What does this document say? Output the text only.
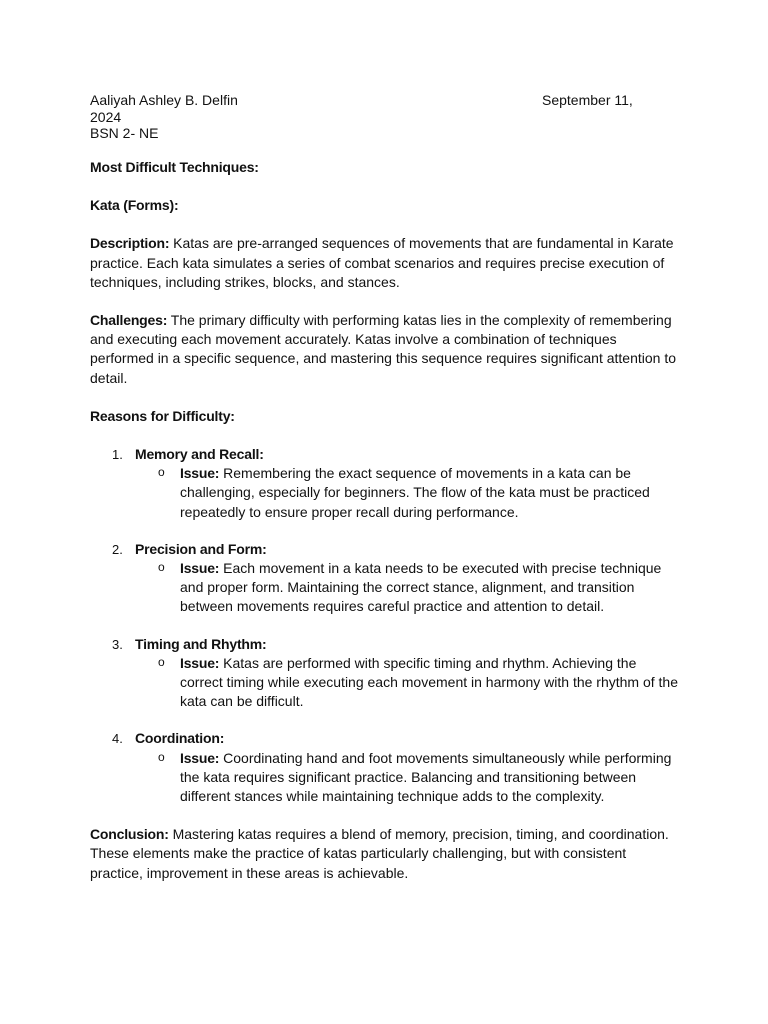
Aaliyah Ashley B. Delfin	September 11,
2024
BSN 2- NE

Most Difficult Techniques:

Kata (Forms):

Description: Katas are pre-arranged sequences of movements that are fundamental in Karate practice. Each kata simulates a series of combat scenarios and requires precise execution of techniques, including strikes, blocks, and stances.

Challenges: The primary difficulty with performing katas lies in the complexity of remembering and executing each movement accurately. Katas involve a combination of techniques performed in a specific sequence, and mastering this sequence requires significant attention to detail.

Reasons for Difficulty:

1. Memory and Recall:
o Issue: Remembering the exact sequence of movements in a kata can be challenging, especially for beginners. The flow of the kata must be practiced repeatedly to ensure proper recall during performance.
2. Precision and Form:
o Issue: Each movement in a kata needs to be executed with precise technique and proper form. Maintaining the correct stance, alignment, and transition between movements requires careful practice and attention to detail.
3. Timing and Rhythm:
o Issue: Katas are performed with specific timing and rhythm. Achieving the correct timing while executing each movement in harmony with the rhythm of the kata can be difficult.
4. Coordination:
o Issue: Coordinating hand and foot movements simultaneously while performing the kata requires significant practice. Balancing and transitioning between different stances while maintaining technique adds to the complexity.

Conclusion: Mastering katas requires a blend of memory, precision, timing, and coordination. These elements make the practice of katas particularly challenging, but with consistent practice, improvement in these areas is achievable.
